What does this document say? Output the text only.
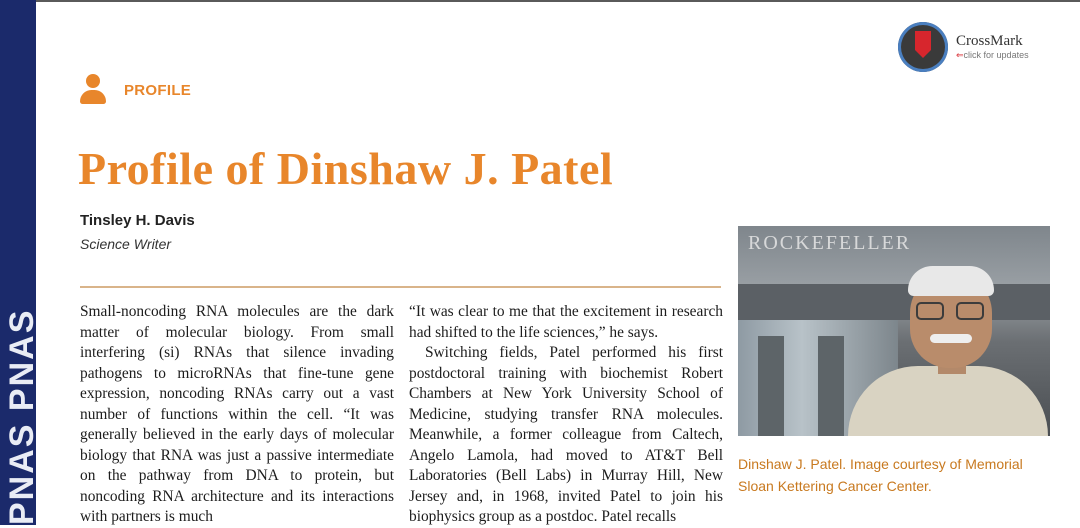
PNAS PNAS
PROFILE
CrossMark
⇐click for updates
Profile of Dinshaw J. Patel
Tinsley H. Davis
Science Writer

Small-noncoding RNA molecules are the dark matter of molecular biology. From small interfering (si) RNAs that silence invading pathogens to microRNAs that fine-tune gene expression, noncoding RNAs carry out a vast number of functions within the cell. “It was generally believed in the early days of molecular biology that RNA was just a passive intermediate on the pathway from DNA to protein, but noncoding RNA architecture and its interactions with partners is much

“It was clear to me that the excitement in research had shifted to the life sciences,” he says.

Switching fields, Patel performed his first postdoctoral training with biochemist Robert Chambers at New York University School of Medicine, studying transfer RNA molecules. Meanwhile, a former colleague from Caltech, Angelo Lamola, had moved to AT&T Bell Laboratories (Bell Labs) in Murray Hill, New Jersey and, in 1968, invited Patel to join his biophysics group as a postdoc. Patel recalls

ROCKEFELLER
Dinshaw J. Patel. Image courtesy of Memorial Sloan Kettering Cancer Center.
